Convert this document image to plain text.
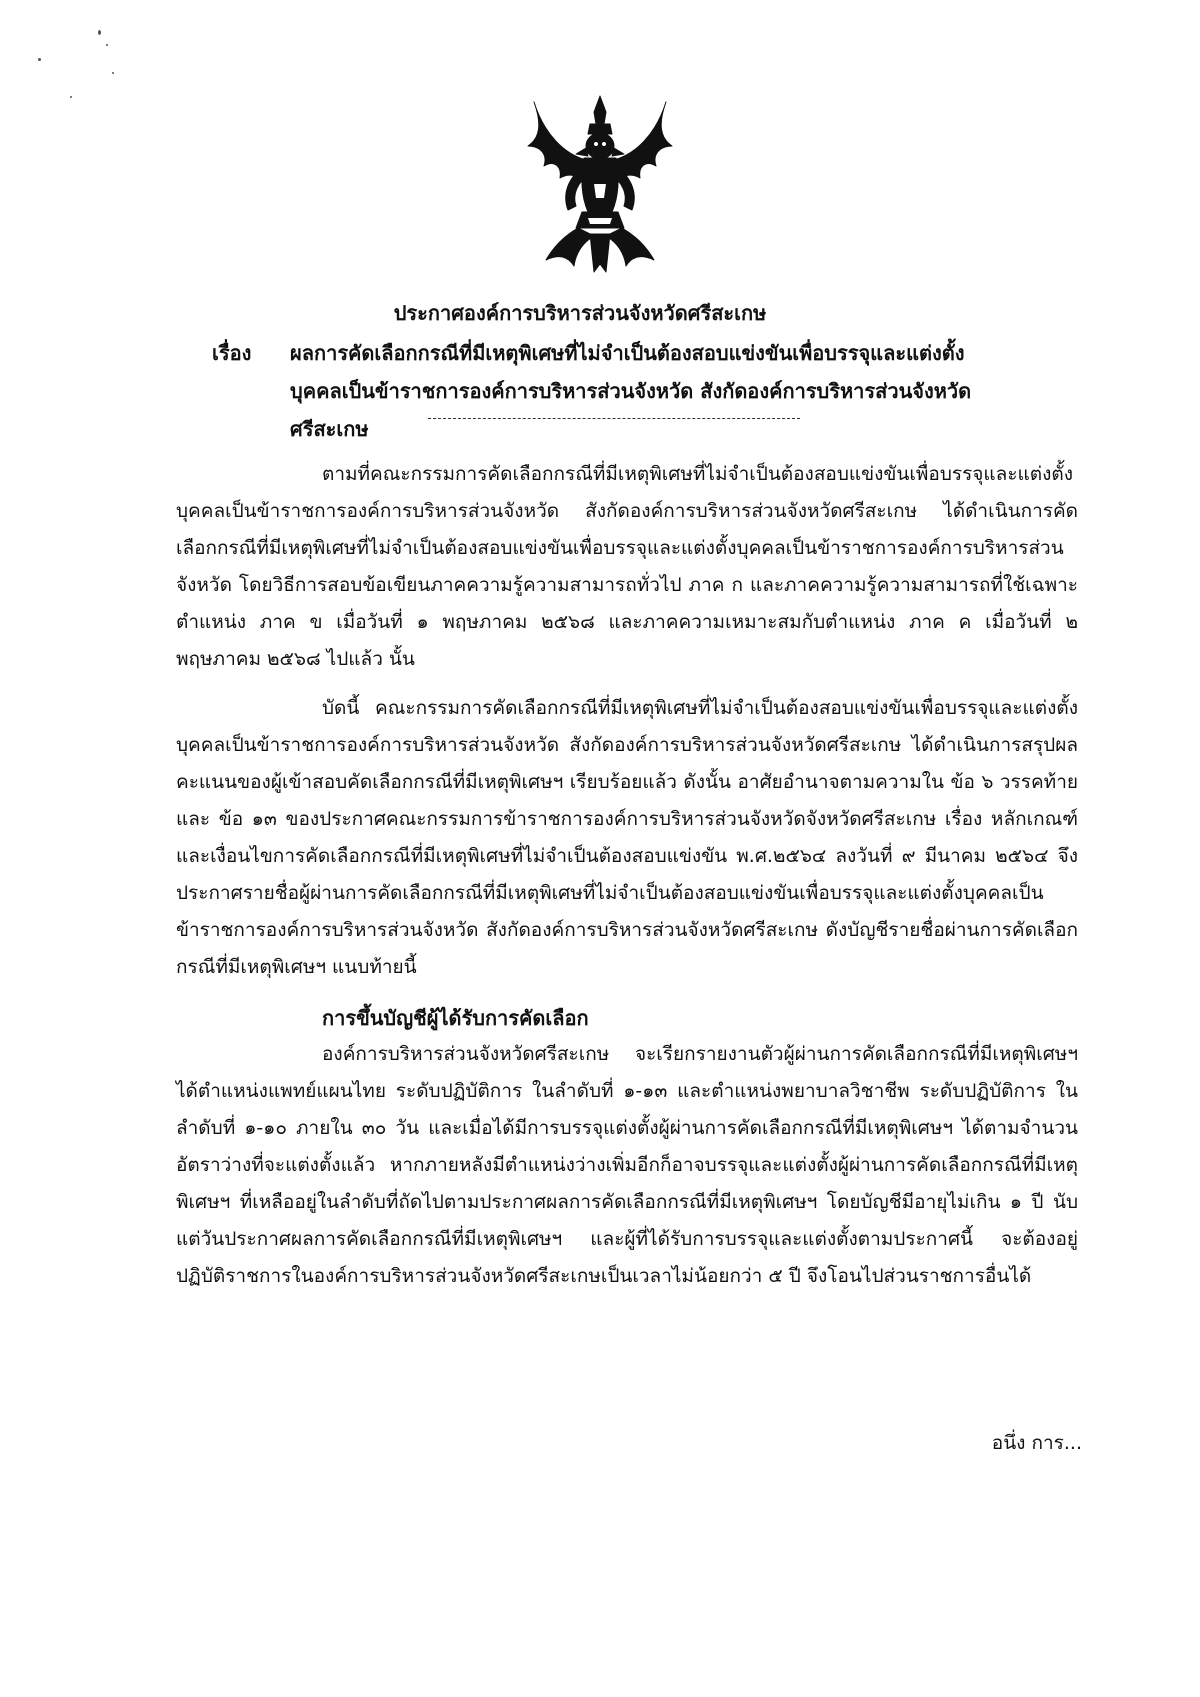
ประกาศองค์การบริหารส่วนจังหวัดศรีสะเกษ
เรื่อง	ผลการคัดเลือกกรณีที่มีเหตุพิเศษที่ไม่จำเป็นต้องสอบแข่งขันเพื่อบรรจุและแต่งตั้งบุคคลเป็นข้าราชการองค์การบริหารส่วนจังหวัด สังกัดองค์การบริหารส่วนจังหวัดศรีสะเกษ

ตามที่คณะกรรมการคัดเลือกกรณีที่มีเหตุพิเศษที่ไม่จำเป็นต้องสอบแข่งขันเพื่อบรรจุและแต่งตั้งบุคคลเป็นข้าราชการองค์การบริหารส่วนจังหวัด สังกัดองค์การบริหารส่วนจังหวัดศรีสะเกษ ได้ดำเนินการคัดเลือกกรณีที่มีเหตุพิเศษที่ไม่จำเป็นต้องสอบแข่งขันเพื่อบรรจุและแต่งตั้งบุคคลเป็นข้าราชการองค์การบริหารส่วนจังหวัด โดยวิธีการสอบข้อเขียนภาคความรู้ความสามารถทั่วไป ภาค ก และภาคความรู้ความสามารถที่ใช้เฉพาะตำแหน่ง ภาค ข เมื่อวันที่ ๑ พฤษภาคม ๒๕๖๘ และภาคความเหมาะสมกับตำแหน่ง ภาค ค เมื่อวันที่ ๒ พฤษภาคม ๒๕๖๘ ไปแล้ว นั้น

บัดนี้ คณะกรรมการคัดเลือกกรณีที่มีเหตุพิเศษที่ไม่จำเป็นต้องสอบแข่งขันเพื่อบรรจุและแต่งตั้งบุคคลเป็นข้าราชการองค์การบริหารส่วนจังหวัด สังกัดองค์การบริหารส่วนจังหวัดศรีสะเกษ ได้ดำเนินการสรุปผลคะแนนของผู้เข้าสอบคัดเลือกกรณีที่มีเหตุพิเศษฯ เรียบร้อยแล้ว ดังนั้น อาศัยอำนาจตามความใน ข้อ ๖ วรรคท้าย และ ข้อ ๑๓ ของประกาศคณะกรรมการข้าราชการองค์การบริหารส่วนจังหวัดจังหวัดศรีสะเกษ เรื่อง หลักเกณฑ์และเงื่อนไขการคัดเลือกกรณีที่มีเหตุพิเศษที่ไม่จำเป็นต้องสอบแข่งขัน พ.ศ.๒๕๖๔ ลงวันที่ ๙ มีนาคม ๒๕๖๔ จึงประกาศรายชื่อผู้ผ่านการคัดเลือกกรณีที่มีเหตุพิเศษที่ไม่จำเป็นต้องสอบแข่งขันเพื่อบรรจุและแต่งตั้งบุคคลเป็นข้าราชการองค์การบริหารส่วนจังหวัด สังกัดองค์การบริหารส่วนจังหวัดศรีสะเกษ ดังบัญชีรายชื่อผ่านการคัดเลือกกรณีที่มีเหตุพิเศษฯ แนบท้ายนี้

การขึ้นบัญชีผู้ได้รับการคัดเลือก

องค์การบริหารส่วนจังหวัดศรีสะเกษ จะเรียกรายงานตัวผู้ผ่านการคัดเลือกกรณีที่มีเหตุพิเศษฯ ได้ตำแหน่งแพทย์แผนไทย ระดับปฏิบัติการ ในลำดับที่ ๑-๑๓ และตำแหน่งพยาบาลวิชาชีพ ระดับปฏิบัติการ ในลำดับที่ ๑-๑๐ ภายใน ๓๐ วัน และเมื่อได้มีการบรรจุแต่งตั้งผู้ผ่านการคัดเลือกกรณีที่มีเหตุพิเศษฯ ได้ตามจำนวนอัตราว่างที่จะแต่งตั้งแล้ว หากภายหลังมีตำแหน่งว่างเพิ่มอีกก็อาจบรรจุและแต่งตั้งผู้ผ่านการคัดเลือกกรณีที่มีเหตุพิเศษฯ ที่เหลืออยู่ในลำดับที่ถัดไปตามประกาศผลการคัดเลือกกรณีที่มีเหตุพิเศษฯ โดยบัญชีมีอายุไม่เกิน ๑ ปี นับแต่วันประกาศผลการคัดเลือกกรณีที่มีเหตุพิเศษฯ และผู้ที่ได้รับการบรรจุและแต่งตั้งตามประกาศนี้ จะต้องอยู่ปฏิบัติราชการในองค์การบริหารส่วนจังหวัดศรีสะเกษเป็นเวลาไม่น้อยกว่า ๕ ปี จึงโอนไปส่วนราชการอื่นได้

อนึ่ง การ...
